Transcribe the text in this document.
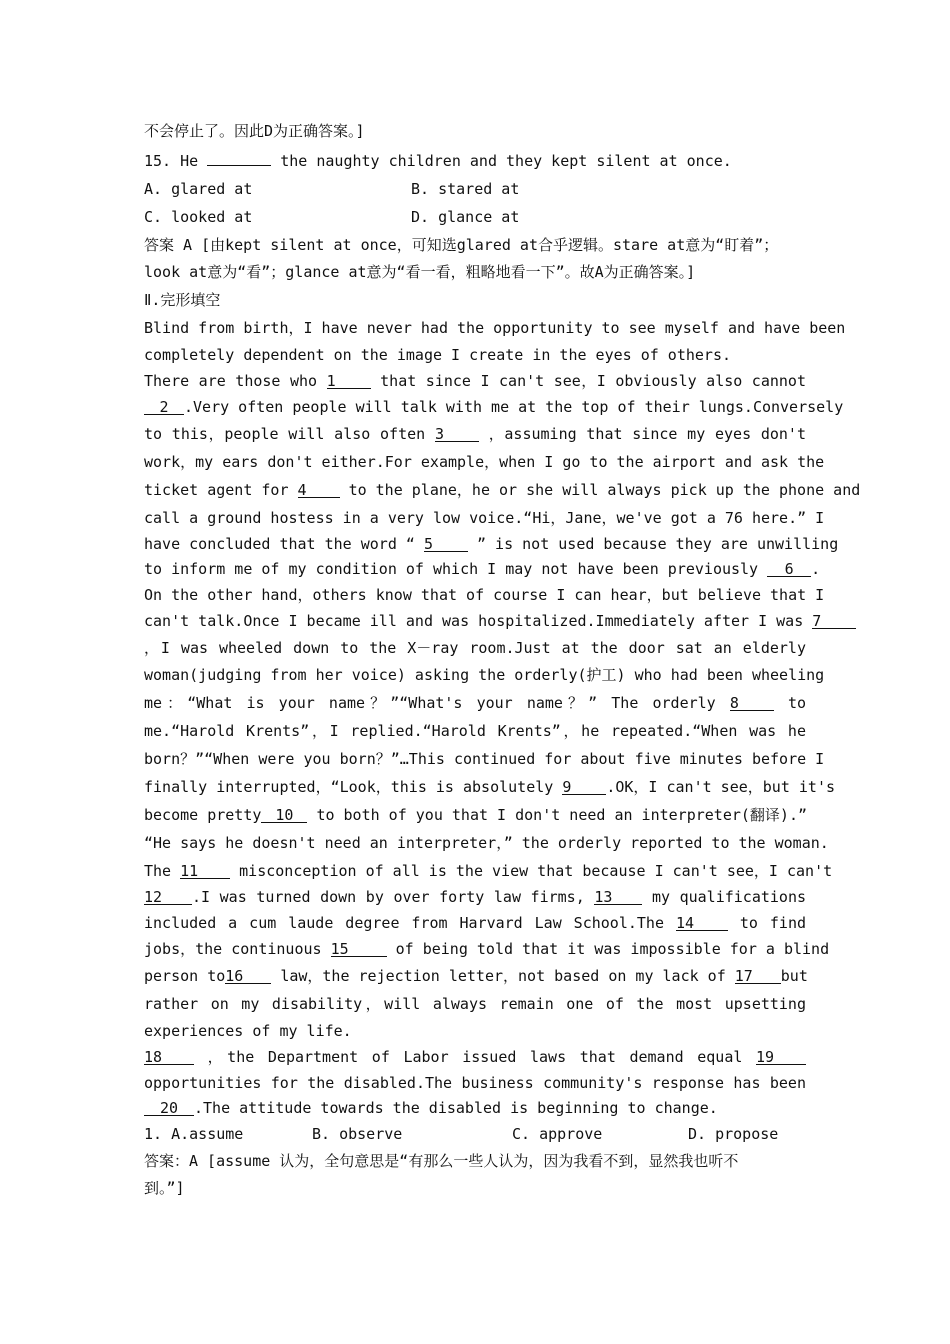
不会停止了。因此D为正确答案。]
15. He	the naughty children and they kept silent at once.
A. glared at	B. stared at
C. looked at	D. glance at
答案 A [由kept silent at once，可知选glared at合乎逻辑。stare at意为“盯着”；
look at意为“看”；glance at意为“看一看，粗略地看一下”。故A为正确答案。]
Ⅱ.完形填空
Blind from birth，I have never had the opportunity to see myself and have been
completely dependent on the image I create in the eyes of others.
There are those who 1	that since I can't see，I obviously also cannot
2 .Very often people will talk with me at the top of their lungs.Conversely
to this，people will also often 3	，assuming that since my eyes don't
work，my ears don't either.For example，when I go to the airport and ask the
ticket agent for 4	to the plane，he or she will always pick up the phone and
call a ground hostess in a very low voice.“Hi，Jane，we've got a 76 here.” I
have concluded that the word “ 5	” is not used because they are unwilling
to inform me of my condition of which I may not have been previously 6 .
On the other hand，others know that of course I can hear，but believe that I
can't talk.Once I became ill and was hospitalized.Immediately after I was 7
，I was wheeled down to the X－ray room.Just at the door sat an elderly
woman(judging from her voice) asking the orderly(护工) who had been wheeling
me：“What is your name？”“What's your name？” The orderly 8	to
me.“Harold Krents”，I replied.“Harold Krents”，he repeated.“When was he
born？”“When were you born？”…This continued for about five minutes before I
finally interrupted，“Look，this is absolutely 9 .OK，I can't see，but it's
become pretty 10 to both of you that I don't need an interpreter(翻译).”
“He says he doesn't need an interpreter，” the orderly reported to the woman.
The 11	misconception of all is the view that because I can't see，I can't
12 .I was turned down by over forty law firms, 13	my qualifications
included a cum laude degree from Harvard Law School.The 14	to find
jobs，the continuous 15	of being told that it was impossible for a blind
person to16 law，the rejection letter，not based on my lack of 17 but
rather on my disability，will always remain one of the most upsetting
experiences of my life.
18	，the Department of Labor issued laws that demand equal 19
opportunities for the disabled.The business community's response has been
20 .The attitude towards the disabled is beginning to change.
1. A.assume	B. observe	C. approve	D. propose
答案：A [assume 认为，全句意思是“有那么一些人认为，因为我看不到，显然我也听不
到。”]
